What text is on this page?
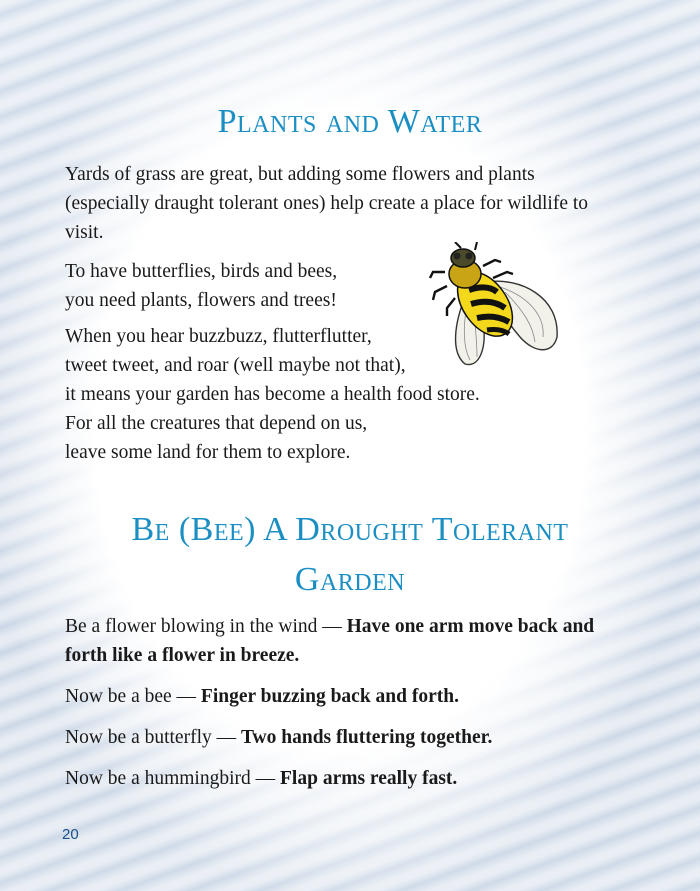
Plants and Water

Yards of grass are great, but adding some flowers and plants (especially draught tolerant ones) help create a place for wildlife to visit.

To have butterflies, birds and bees,
you need plants, flowers and trees!

When you hear buzzbuzz, flutterflutter,
tweet tweet, and roar (well maybe not that),
it means your garden has become a health food store.
For all the creatures that depend on us,
leave some land for them to explore.

Be (Bee) A Drought Tolerant
Garden

Be a flower blowing in the wind — Have one arm move back and forth like a flower in breeze.

Now be a bee — Finger buzzing back and forth.

Now be a butterfly — Two hands fluttering together.

Now be a hummingbird — Flap arms really fast.

20
